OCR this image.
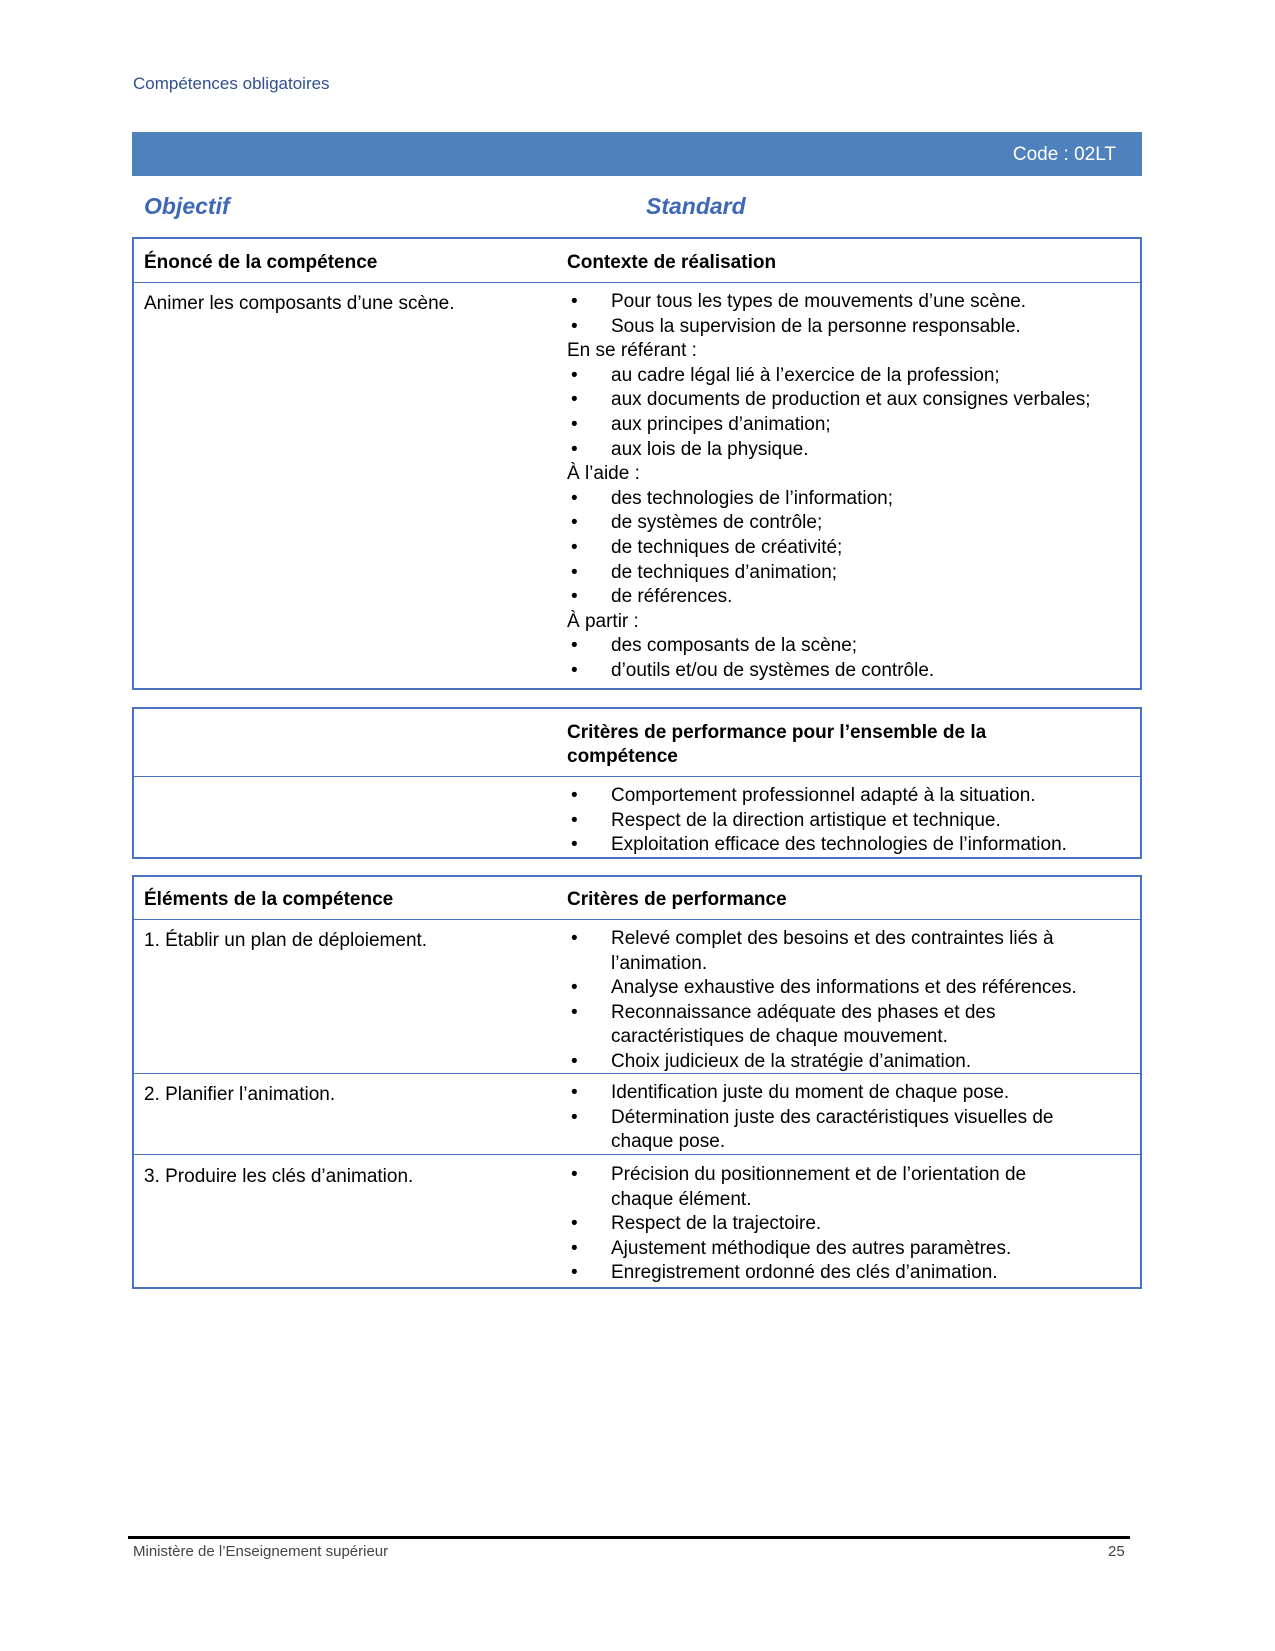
Compétences obligatoires
Code : 02LT
Objectif	Standard
Énoncé de la compétence	Contexte de réalisation
Animer les composants d’une scène.	• Pour tous les types de mouvements d’une scène.
• Sous la supervision de la personne responsable.
En se référant :
• au cadre légal lié à l’exercice de la profession;
• aux documents de production et aux consignes verbales;
• aux principes d’animation;
• aux lois de la physique.
À l’aide :
• des technologies de l’information;
• de systèmes de contrôle;
• de techniques de créativité;
• de techniques d’animation;
• de références.
À partir :
• des composants de la scène;
• d’outils et/ou de systèmes de contrôle.
Critères de performance pour l’ensemble de la
compétence
• Comportement professionnel adapté à la situation.
• Respect de la direction artistique et technique.
• Exploitation efficace des technologies de l’information.
Éléments de la compétence	Critères de performance
1. Établir un plan de déploiement.	• Relevé complet des besoins et des contraintes liés à l’animation.
• Analyse exhaustive des informations et des références.
• Reconnaissance adéquate des phases et des caractéristiques de chaque mouvement.
• Choix judicieux de la stratégie d’animation.
2. Planifier l’animation.	• Identification juste du moment de chaque pose.
• Détermination juste des caractéristiques visuelles de chaque pose.
3. Produire les clés d’animation.	• Précision du positionnement et de l’orientation de chaque élément.
• Respect de la trajectoire.
• Ajustement méthodique des autres paramètres.
• Enregistrement ordonné des clés d’animation.
Ministère de l’Enseignement supérieur	25
